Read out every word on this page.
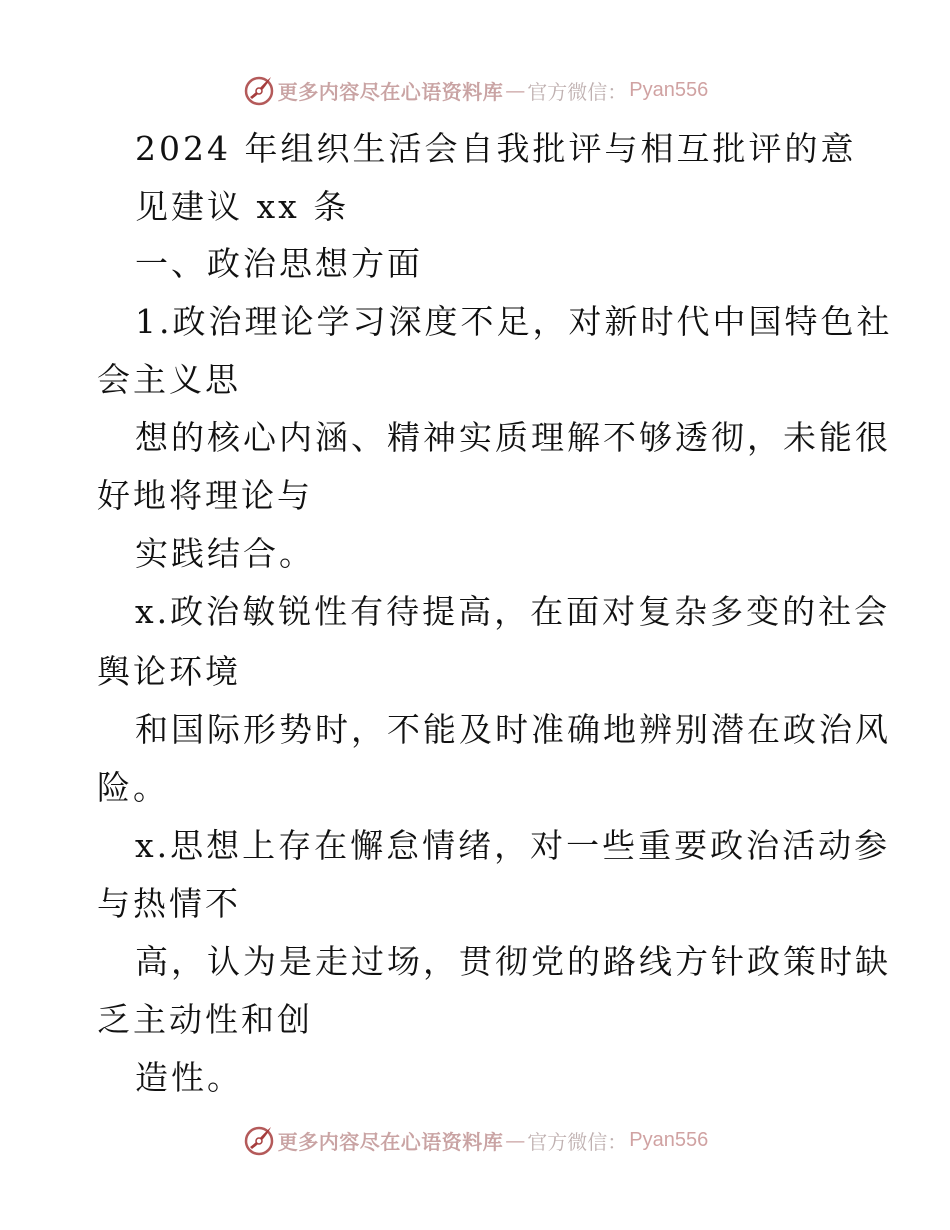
更多内容尽在心语资料库 — 官方微信： Pyan556
2024 年组织生活会自我批评与相互批评的意
见建议 xx 条
一、政治思想方面
1.政治理论学习深度不足，对新时代中国特色社
会主义思
想的核心内涵、精神实质理解不够透彻，未能很
好地将理论与
实践结合。
x.政治敏锐性有待提高，在面对复杂多变的社会
舆论环境
和国际形势时，不能及时准确地辨别潜在政治风
险。
x.思想上存在懈怠情绪，对一些重要政治活动参
与热情不
高，认为是走过场，贯彻党的路线方针政策时缺
乏主动性和创
造性。
更多内容尽在心语资料库 — 官方微信： Pyan556
